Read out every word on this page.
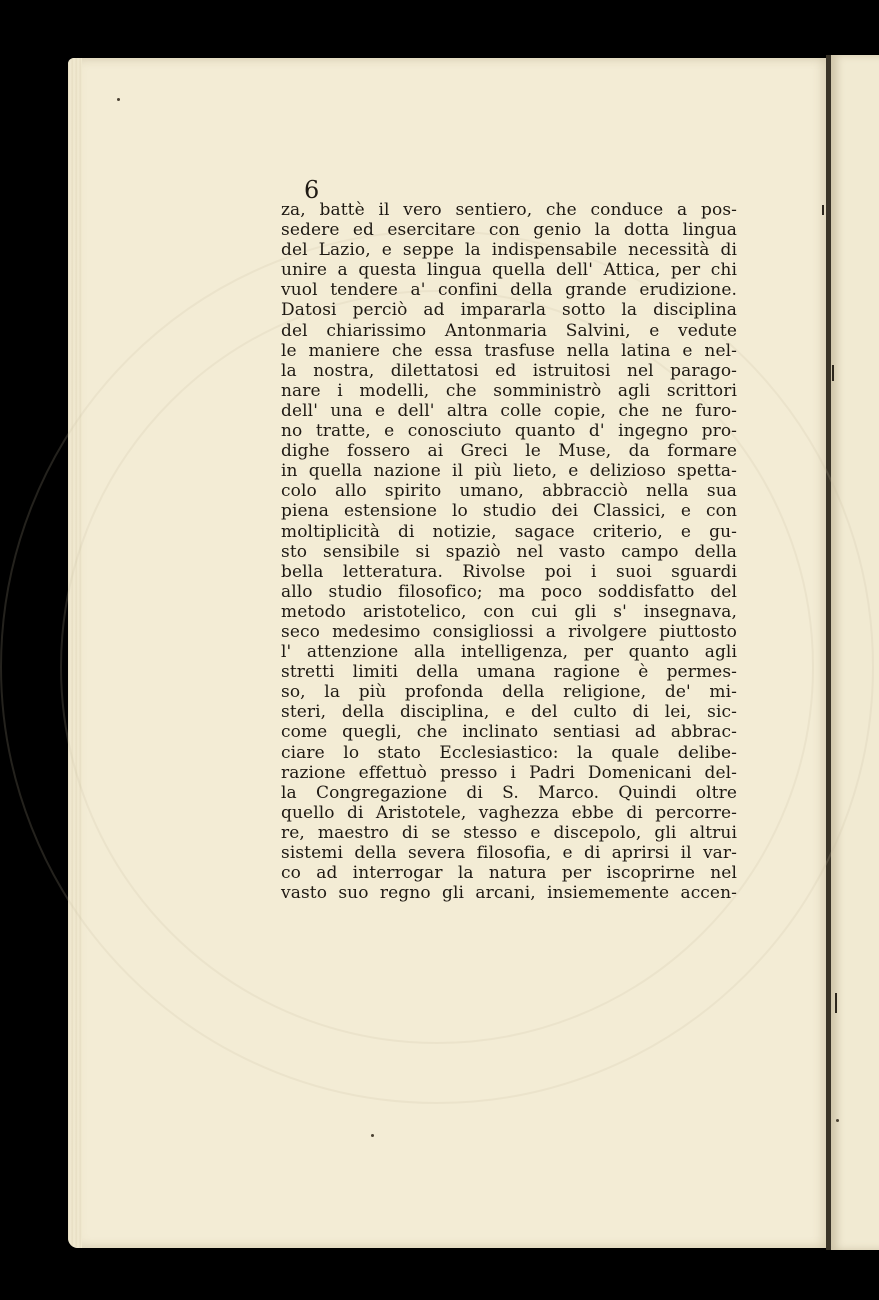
6
za, battè il vero sentiero, che conduce a pos-
sedere ed esercitare con genio la dotta lingua
del Lazio, e seppe la indispensabile necessità di
unire a questa lingua quella dell' Attica, per chi
vuol tendere a' confini della grande erudizione.
Datosi perciò ad impararla sotto la disciplina
del chiarissimo Antonmaria Salvini, e vedute
le maniere che essa trasfuse nella latina e nel-
la nostra, dilettatosi ed istruitosi nel parago-
nare i modelli, che somministrò agli scrittori
dell' una e dell' altra colle copie, che ne furo-
no tratte, e conosciuto quanto d' ingegno pro-
dighe fossero ai Greci le Muse, da formare
in quella nazione il più lieto, e delizioso spetta-
colo allo spirito umano, abbracciò nella sua
piena estensione lo studio dei Classici, e con
moltiplicità di notizie, sagace criterio, e gu-
sto sensibile si spaziò nel vasto campo della
bella letteratura. Rivolse poi i suoi sguardi
allo studio filosofico; ma poco soddisfatto del
metodo aristotelico, con cui gli s' insegnava,
seco medesimo consigliossi a rivolgere piuttosto
l' attenzione alla intelligenza, per quanto agli
stretti limiti della umana ragione è permes-
so, la più profonda della religione, de' mi-
steri, della disciplina, e del culto di lei, sic-
come quegli, che inclinato sentiasi ad abbrac-
ciare lo stato Ecclesiastico: la quale delibe-
razione effettuò presso i Padri Domenicani del-
la Congregazione di S. Marco. Quindi oltre
quello di Aristotele, vaghezza ebbe di percorre-
re, maestro di se stesso e discepolo, gli altrui
sistemi della severa filosofia, e di aprirsi il var-
co ad interrogar la natura per iscoprirne nel
vasto suo regno gli arcani, insiememente accen-
